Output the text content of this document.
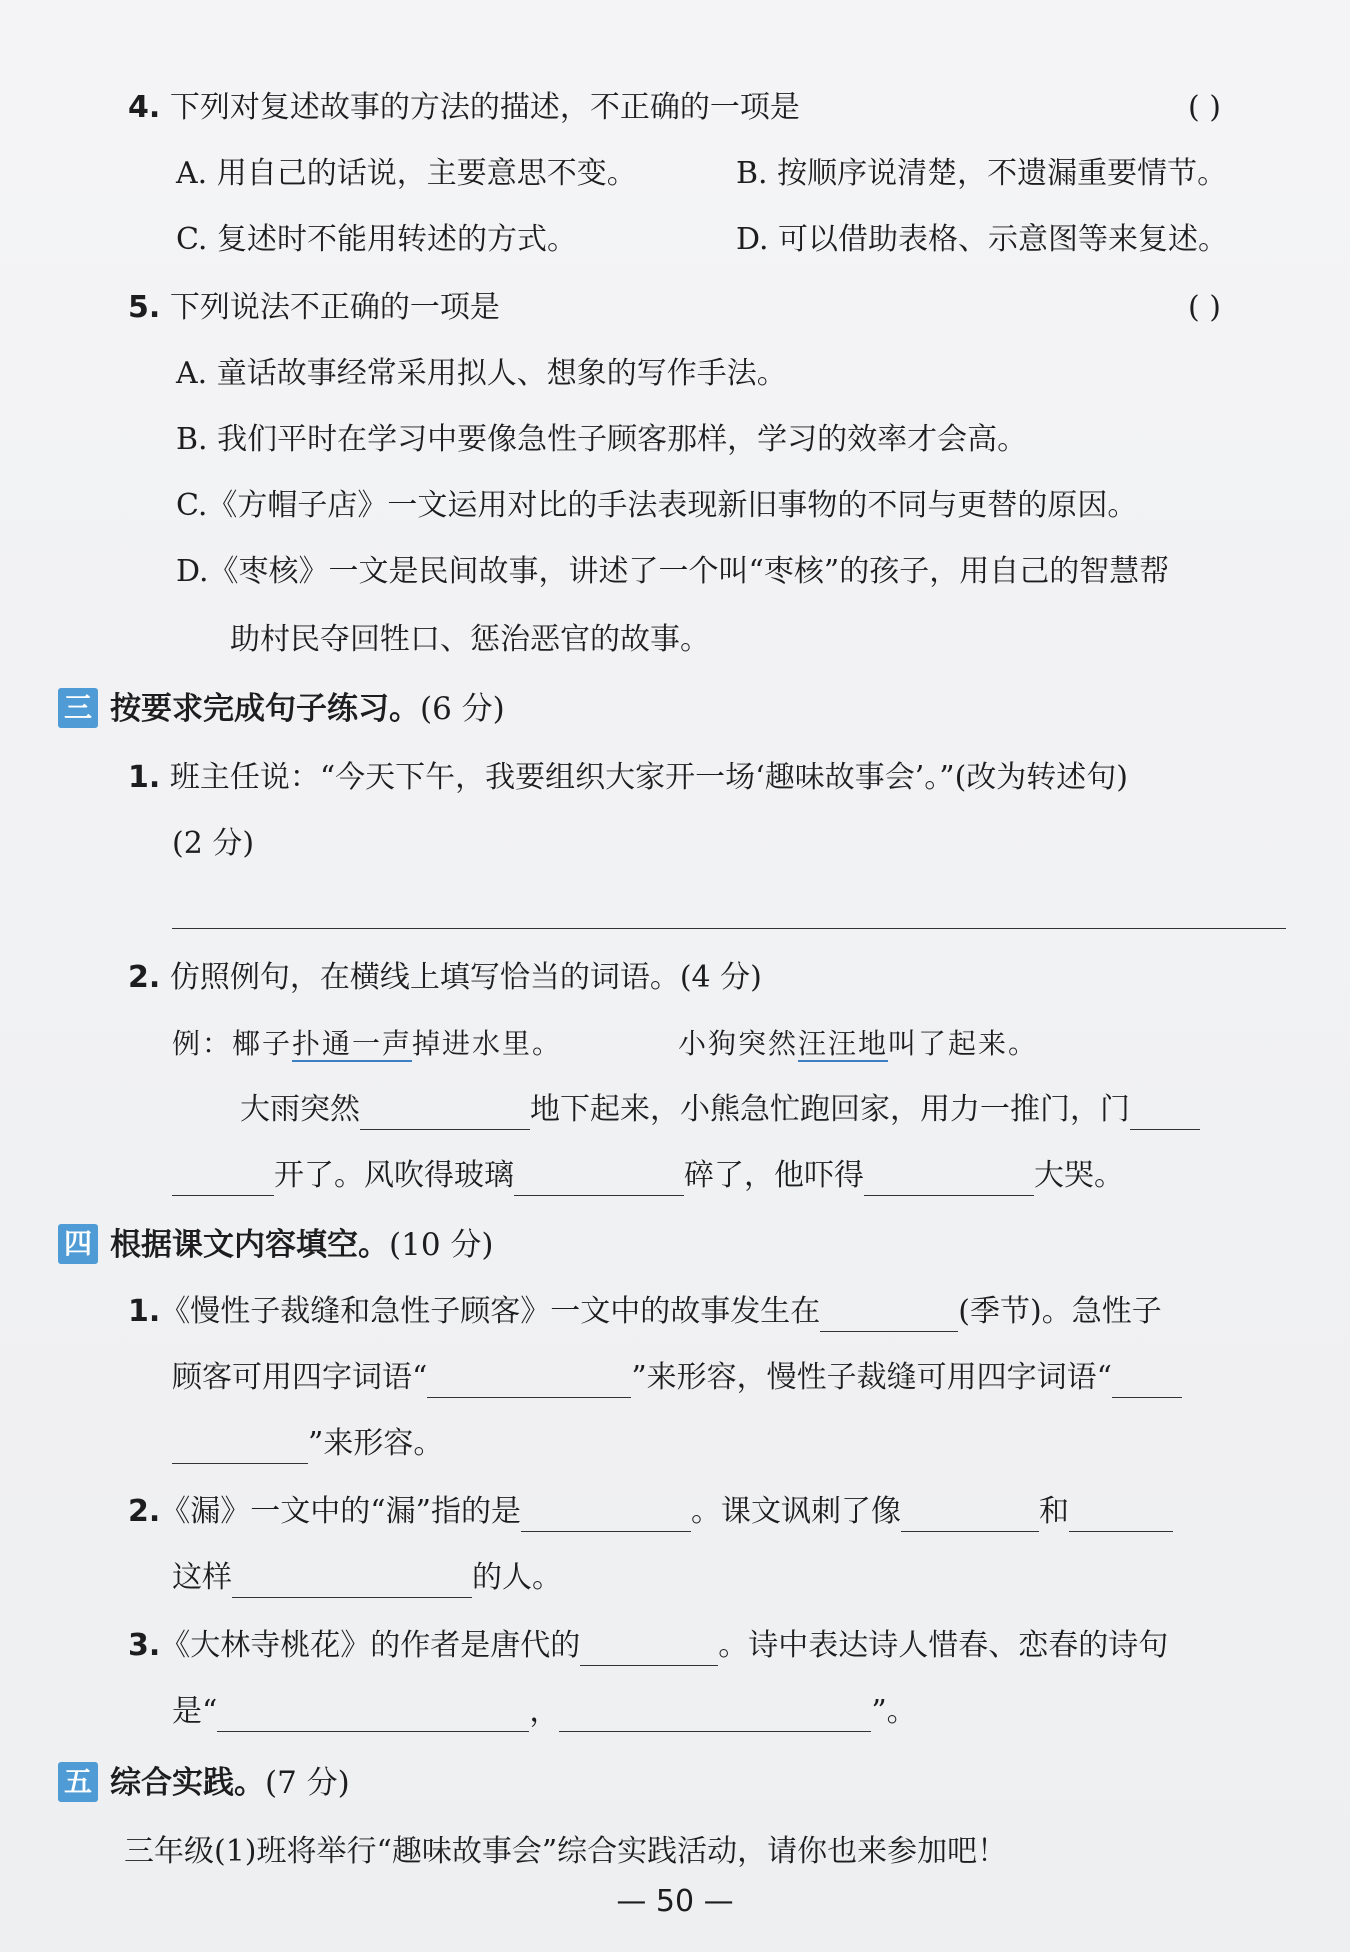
4. 下列对复述故事的方法的描述，不正确的一项是	( )
A. 用自己的话说，主要意思不变。	B. 按顺序说清楚，不遗漏重要情节。
C. 复述时不能用转述的方式。	D. 可以借助表格、示意图等来复述。
5. 下列说法不正确的一项是	( )
A. 童话故事经常采用拟人、想象的写作手法。
B. 我们平时在学习中要像急性子顾客那样，学习的效率才会高。
C.《方帽子店》一文运用对比的手法表现新旧事物的不同与更替的原因。
D.《枣核》一文是民间故事，讲述了一个叫“枣核”的孩子，用自己的智慧帮
助村民夺回牲口、惩治恶官的故事。
三 按要求完成句子练习。(6 分)
1. 班主任说：“今天下午，我要组织大家开一场‘趣味故事会’。”(改为转述句)
(2 分)
2. 仿照例句，在横线上填写恰当的词语。(4 分)
例：椰子扑通一声掉进水里。	小狗突然汪汪地叫了起来。
大雨突然	地下起来，小熊急忙跑回家，用力一推门，门
开了。风吹得玻璃	碎了，他吓得	大哭。
四 根据课文内容填空。(10 分)
1.《慢性子裁缝和急性子顾客》一文中的故事发生在	(季节)。急性子
顾客可用四字词语“	”来形容，慢性子裁缝可用四字词语“
”来形容。
2.《漏》一文中的“漏”指的是	。课文讽刺了像	和
这样	的人。
3.《大林寺桃花》的作者是唐代的	。诗中表达诗人惜春、恋春的诗句
是“	，	”。
五 综合实践。(7 分)
三年级(1)班将举行“趣味故事会”综合实践活动，请你也来参加吧！
— 50 —
